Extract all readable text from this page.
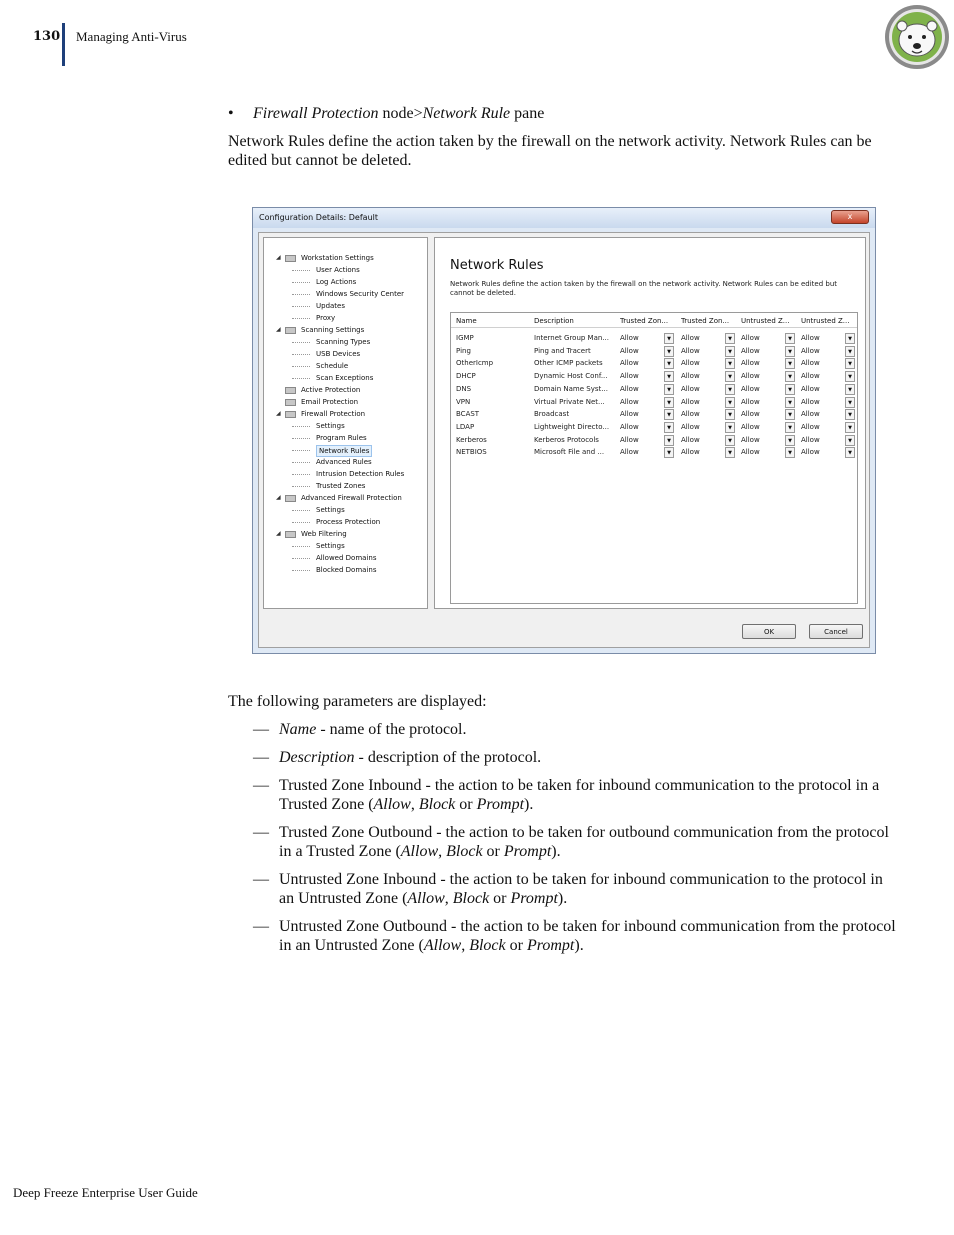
130 Managing Anti-Virus
• Firewall Protection node>Network Rule pane

Network Rules define the action taken by the firewall on the network activity. Network Rules can be edited but cannot be deleted.

Configuration Details: Default	x
◢	Workstation Settings
User Actions
Log Actions
Windows Security Center
Updates
Proxy
◢	Scanning Settings
Scanning Types
USB Devices
Schedule
Scan Exceptions
Active Protection
Email Protection
◢	Firewall Protection
Settings
Program Rules
Network Rules
Advanced Rules
Intrusion Detection Rules
Trusted Zones
◢	Advanced Firewall Protection
Settings
Process Protection
◢	Web Filtering
Settings
Allowed Domains
Blocked Domains
Network Rules
Network Rules define the action taken by the firewall on the network activity. Network Rules can be edited but cannot be deleted.
Name	Description	Trusted Zon...	Trusted Zon...	Untrusted Z...	Untrusted Z...
IGMP	Internet Group Man...	Allow	▼	Allow	▼	Allow	▼	Allow	▼
Ping	Ping and Tracert	Allow	▼	Allow	▼	Allow	▼	Allow	▼
OtherIcmp	Other ICMP packets	Allow	▼	Allow	▼	Allow	▼	Allow	▼
DHCP	Dynamic Host Conf...	Allow	▼	Allow	▼	Allow	▼	Allow	▼
DNS	Domain Name Syst...	Allow	▼	Allow	▼	Allow	▼	Allow	▼
VPN	Virtual Private Net...	Allow	▼	Allow	▼	Allow	▼	Allow	▼
BCAST	Broadcast	Allow	▼	Allow	▼	Allow	▼	Allow	▼
LDAP	Lightweight Directo...	Allow	▼	Allow	▼	Allow	▼	Allow	▼
Kerberos	Kerberos Protocols	Allow	▼	Allow	▼	Allow	▼	Allow	▼
NETBIOS	Microsoft File and ...	Allow	▼	Allow	▼	Allow	▼	Allow	▼
OK	Cancel

The following parameters are displayed:

— Name - name of the protocol.
— Description - description of the protocol.
— Trusted Zone Inbound - the action to be taken for inbound communication to the protocol in a Trusted Zone (Allow, Block or Prompt).
— Trusted Zone Outbound - the action to be taken for outbound communication from the protocol in a Trusted Zone (Allow, Block or Prompt).
— Untrusted Zone Inbound - the action to be taken for inbound communication to the protocol in an Untrusted Zone (Allow, Block or Prompt).
— Untrusted Zone Outbound - the action to be taken for inbound communication from the protocol in an Untrusted Zone (Allow, Block or Prompt).
Deep Freeze Enterprise User Guide
